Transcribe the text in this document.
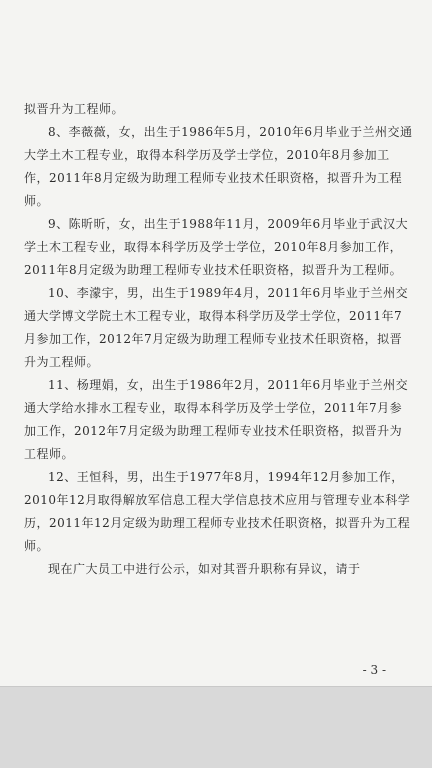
拟晋升为工程师。

8、李薇薇，女，出生于1986年5月，2010年6月毕业于兰州交通大学土木工程专业，取得本科学历及学士学位，2010年8月参加工作，2011年8月定级为助理工程师专业技术任职资格，拟晋升为工程师。

9、陈昕昕，女，出生于1988年11月，2009年6月毕业于武汉大学土木工程专业，取得本科学历及学士学位，2010年8月参加工作，2011年8月定级为助理工程师专业技术任职资格，拟晋升为工程师。

10、李濛宇，男，出生于1989年4月，2011年6月毕业于兰州交通大学博文学院土木工程专业，取得本科学历及学士学位，2011年7月参加工作，2012年7月定级为助理工程师专业技术任职资格，拟晋升为工程师。

11、杨理娟，女，出生于1986年2月，2011年6月毕业于兰州交通大学给水排水工程专业，取得本科学历及学士学位，2011年7月参加工作，2012年7月定级为助理工程师专业技术任职资格，拟晋升为工程师。

12、王恒科，男，出生于1977年8月，1994年12月参加工作，2010年12月取得解放军信息工程大学信息技术应用与管理专业本科学历，2011年12月定级为助理工程师专业技术任职资格，拟晋升为工程师。

现在广大员工中进行公示，如对其晋升职称有异议，请于

- 3 -
